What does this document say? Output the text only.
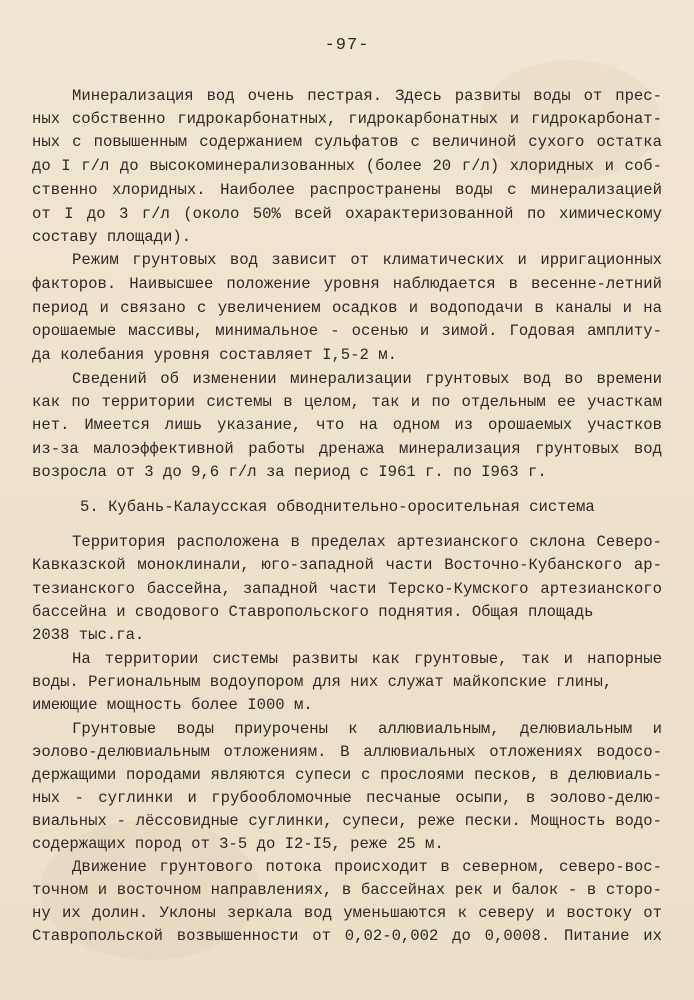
-97-
Минерализация вод очень пестрая. Здесь развиты воды от прес-
ных собственно гидрокарбонатных, гидрокарбонатных и гидрокарбонат-
ных с повышенным содержанием сульфатов с величиной сухого остатка
до I г/л до высокоминерализованных (более 20 г/л) хлоридных и соб-
ственно хлоридных. Наиболее распространены воды с минерализацией
от I до 3 г/л (около 50% всей охарактеризованной по химическому
составу площади).
Режим грунтовых вод зависит от климатических и ирригационных
факторов. Наивысшее положение уровня наблюдается в весенне-летний
период и связано с увеличением осадков и водоподачи в каналы и на
орошаемые массивы, минимальное - осенью и зимой. Годовая амплиту-
да колебания уровня составляет I,5-2 м.
Сведений об изменении минерализации грунтовых вод во времени
как по территории системы в целом, так и по отдельным ее участкам
нет. Имеется лишь указание, что на одном из орошаемых участков
из-за малоэффективной работы дренажа минерализация грунтовых вод
возросла от 3 до 9,6 г/л за период с I961 г. по I963 г.
5. Кубань-Калаусская обводнительно-оросительная система
Территория расположена в пределах артезианского склона Северо-
Кавказской моноклинали, юго-западной части Восточно-Кубанского ар-
тезианского бассейна, западной части Терско-Кумского артезианского
бассейна и сводового Ставропольского поднятия. Общая площадь
2038 тыс.га.
На территории системы развиты как грунтовые, так и напорные
воды. Региональным водоупором для них служат майкопские глины,
имеющие мощность более I000 м.
Грунтовые воды приурочены к аллювиальным, делювиальным и
эолово-делювиальным отложениям. В аллювиальных отложениях водосо-
держащими породами являются супеси с прослоями песков, в делювиаль-
ных - суглинки и грубообломочные песчаные осыпи, в эолово-делю-
виальных - лёссовидные суглинки, супеси, реже пески. Мощность водо-
содержащих пород от 3-5 до I2-I5, реже 25 м.
Движение грунтового потока происходит в северном, северо-вос-
точном и восточном направлениях, в бассейнах рек и балок - в сторо-
ну их долин. Уклоны зеркала вод уменьшаются к северу и востоку от
Ставропольской возвышенности от 0,02-0,002 до 0,0008. Питание их
